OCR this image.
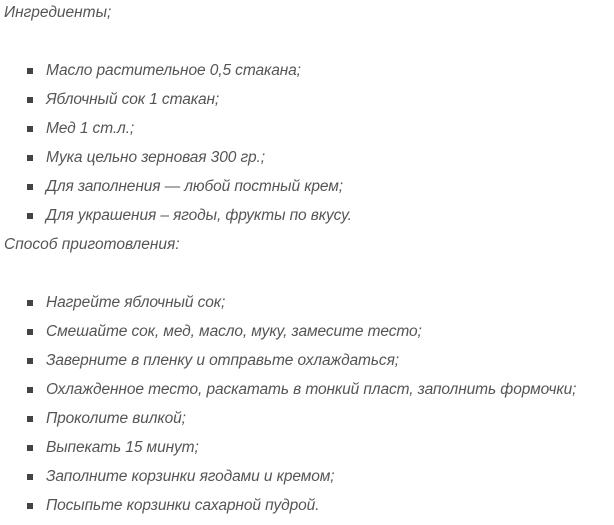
Ингредиенты;

Масло растительное 0,5 стакана;
Яблочный сок 1 стакан;
Мед 1 ст.л.;
Мука цельно зерновая 300 гр.;
Для заполнения — любой постный крем;
Для украшения – ягоды, фрукты по вкусу.

Способ приготовления:

Нагрейте яблочный сок;
Смешайте сок, мед, масло, муку, замесите тесто;
Заверните в пленку и отправьте охлаждаться;
Охлажденное тесто, раскатать в тонкий пласт, заполнить формочки;
Проколите вилкой;
Выпекать 15 минут;
Заполните корзинки ягодами и кремом;
Посыпьте корзинки сахарной пудрой.
